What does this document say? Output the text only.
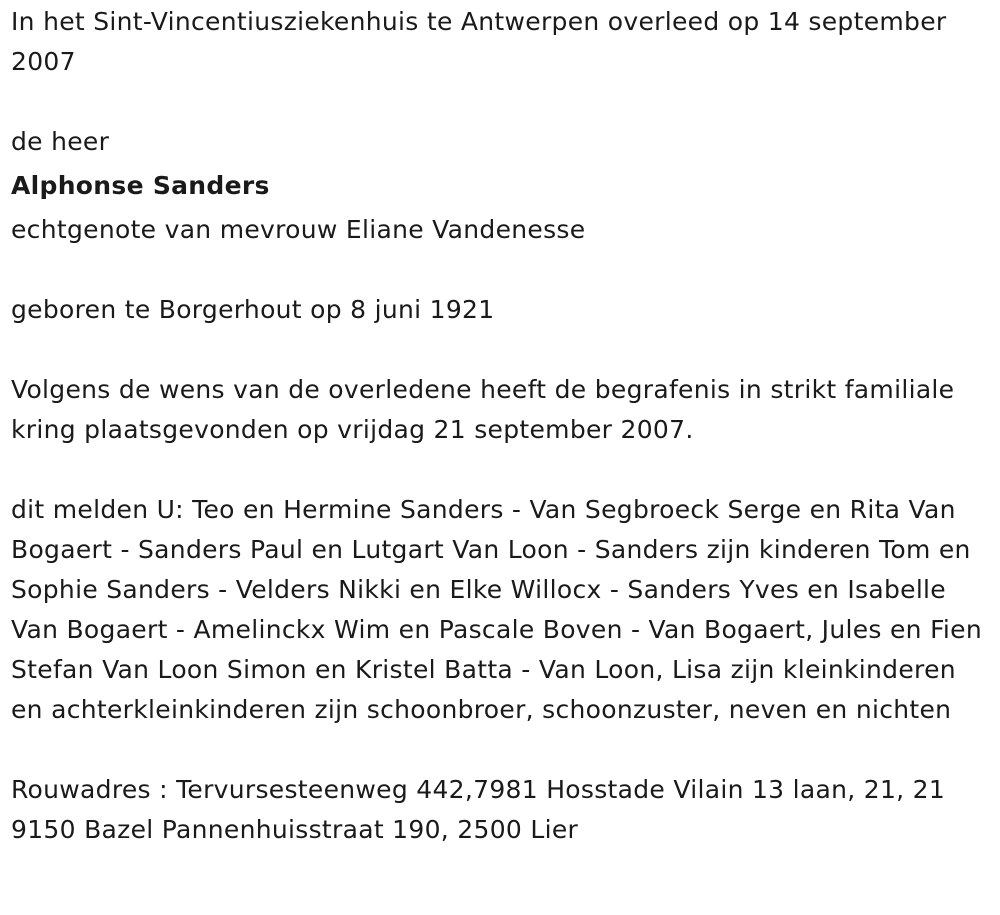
In het Sint-Vincentiusziekenhuis te Antwerpen overleed op 14 september 2007

de heer

Alphonse Sanders

echtgenote van mevrouw Eliane Vandenesse

geboren te Borgerhout op 8 juni 1921

Volgens de wens van de overledene heeft de begrafenis in strikt familiale kring plaatsgevonden op vrijdag 21 september 2007.

dit melden U: Teo en Hermine Sanders - Van Segbroeck Serge en Rita Van Bogaert - Sanders Paul en Lutgart Van Loon - Sanders zijn kinderen Tom en Sophie Sanders - Velders Nikki en Elke Willocx - Sanders Yves en Isabelle Van Bogaert - Amelinckx Wim en Pascale Boven - Van Bogaert, Jules en Fien Stefan Van Loon Simon en Kristel Batta - Van Loon, Lisa zijn kleinkinderen en achterkleinkinderen zijn schoonbroer, schoonzuster, neven en nichten

Rouwadres : Tervursesteenweg 442,7981 Hosstade Vilain 13 laan, 21, 21 9150 Bazel Pannenhuisstraat 190, 2500 Lier
